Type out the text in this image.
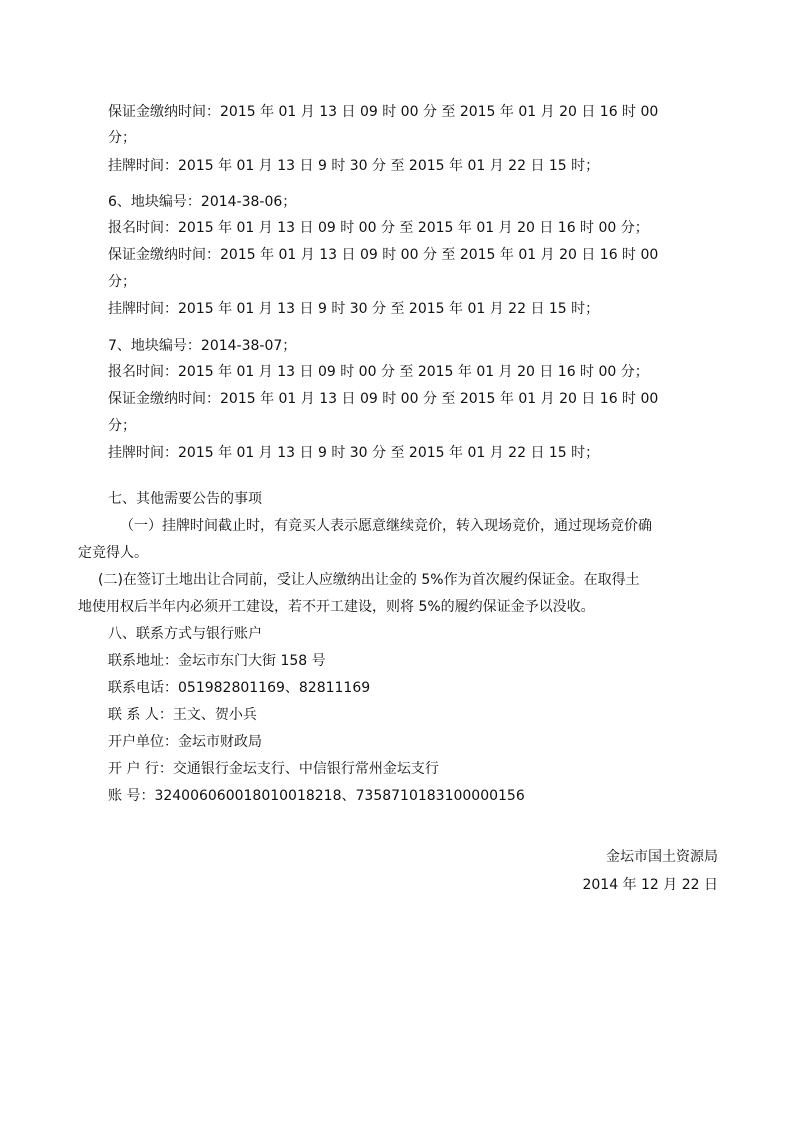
保证金缴纳时间：2015 年 01 月 13 日 09 时 00 分 至 2015 年 01 月 20 日 16 时 00
分；
挂牌时间：2015 年 01 月 13 日 9 时 30 分 至 2015 年 01 月 22 日 15 时；
6、地块编号：2014-38-06；
报名时间：2015 年 01 月 13 日 09 时 00 分 至 2015 年 01 月 20 日 16 时 00 分；
保证金缴纳时间：2015 年 01 月 13 日 09 时 00 分 至 2015 年 01 月 20 日 16 时 00
分；
挂牌时间：2015 年 01 月 13 日 9 时 30 分 至 2015 年 01 月 22 日 15 时；
7、地块编号：2014-38-07；
报名时间：2015 年 01 月 13 日 09 时 00 分 至 2015 年 01 月 20 日 16 时 00 分；
保证金缴纳时间：2015 年 01 月 13 日 09 时 00 分 至 2015 年 01 月 20 日 16 时 00
分；
挂牌时间：2015 年 01 月 13 日 9 时 30 分 至 2015 年 01 月 22 日 15 时；
七、其他需要公告的事项
（一）挂牌时间截止时，有竞买人表示愿意继续竞价，转入现场竞价，通过现场竞价确
定竞得人。
(二)在签订土地出让合同前，受让人应缴纳出让金的 5%作为首次履约保证金。在取得土
地使用权后半年内必须开工建设，若不开工建设，则将 5%的履约保证金予以没收。
八、联系方式与银行账户
联系地址：金坛市东门大街 158 号
联系电话：051982801169、82811169
联 系 人：王文、贺小兵
开户单位：金坛市财政局
开 户 行：交通银行金坛支行、中信银行常州金坛支行
账 号：32400606001801001821​8、7358710183100000156
金坛市国土资源局
2014 年 12 月 22 日
